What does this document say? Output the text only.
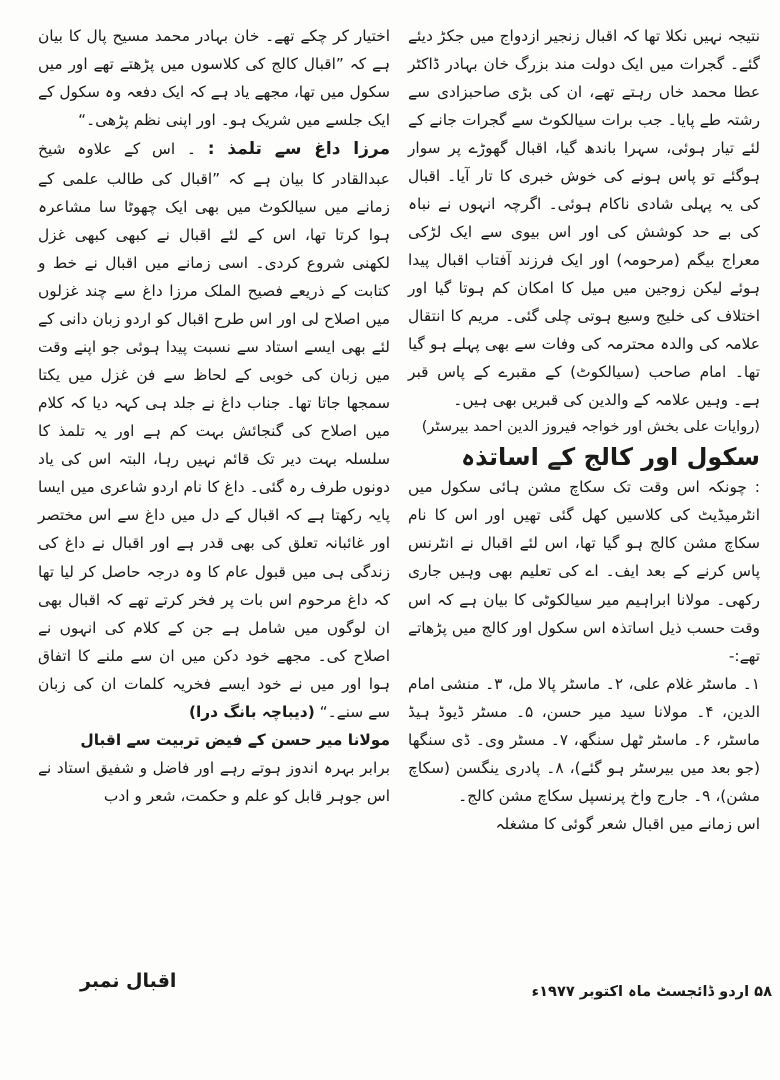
نتیجہ نہیں نکلا تھا کہ اقبال زنجیر ازدواج میں جکڑ دیئے گئے۔ گجرات میں ایک دولت مند بزرگ خان بہادر ڈاکٹر عطا محمد خاں رہتے تھے، ان کی بڑی صاحبزادی سے رشتہ طے پایا۔ جب برات سیالکوٹ سے گجرات جانے کے لئے تیار ہوئی، سہرا باندھ گیا، اقبال گھوڑے پر سوار ہوگئے تو پاس ہونے کی خوش خبری کا تار آیا۔ اقبال کی یہ پہلی شادی ناکام ہوئی۔ اگرچہ انہوں نے نباہ کی بے حد کوشش کی اور اس بیوی سے ایک لڑکی معراج بیگم (مرحومہ) اور ایک فرزند آفتاب اقبال پیدا ہوئے لیکن زوجین میں میل کا امکان کم ہوتا گیا اور اختلاف کی خلیج وسیع ہوتی چلی گئی۔ مریم کا انتقال علامہ کی والدہ محترمہ کی وفات سے بھی پہلے ہو گیا تھا۔ امام صاحب (سیالکوٹ) کے مقبرے کے پاس قبر ہے۔ وہیں علامہ کے والدین کی قبریں بھی ہیں۔

(روایات علی بخش اور خواجہ فیروز الدین احمد بیرسٹر)

سکول اور کالج کے اساتذہ

: چونکہ اس وقت تک سکاچ مشن ہائی سکول میں انٹرمیڈیٹ کی کلاسیں کھل گئی تھیں اور اس کا نام سکاچ مشن کالج ہو گیا تھا، اس لئے اقبال نے انٹرنس پاس کرنے کے بعد ایف۔ اے کی تعلیم بھی وہیں جاری رکھی۔ مولانا ابراہیم میر سیالکوٹی کا بیان ہے کہ اس وقت حسب ذیل اساتذہ اس سکول اور کالج میں پڑھاتے تھے:-

۱۔ ماسٹر غلام علی، ۲۔ ماسٹر پالا مل، ۳۔ منشی امام الدین، ۴۔ مولانا سید میر حسن، ۵۔ مسٹر ڈیوڈ ہیڈ ماسٹر، ۶۔ ماسٹر ٹھل سنگھ، ۷۔ مسٹر وی۔ ڈی سنگھا (جو بعد میں بیرسٹر ہو گئے)، ۸۔ پادری ینگسن (سکاچ مشن)، ۹۔ جارج واخ پرنسپل سکاچ مشن کالج۔

اس زمانے میں اقبال شعر گوئی کا مشغلہ

اختیار کر چکے تھے۔ خان بہادر محمد مسیح پال کا بیان ہے کہ ”اقبال کالج کی کلاسوں میں پڑھتے تھے اور میں سکول میں تھا، مجھے یاد ہے کہ ایک دفعہ وہ سکول کے ایک جلسے میں شریک ہو۔ اور اپنی نظم پڑھی۔“

مرزا داغ سے تلمذ : ۔ اس کے علاوہ شیخ عبدالقادر کا بیان ہے کہ ”اقبال کی طالب علمی کے زمانے میں سیالکوٹ میں بھی ایک چھوٹا سا مشاعرہ ہوا کرتا تھا، اس کے لئے اقبال نے کبھی کبھی غزل لکھنی شروع کردی۔ اسی زمانے میں اقبال نے خط و کتابت کے ذریعے فصیح الملک مرزا داغ سے چند غزلوں میں اصلاح لی اور اس طرح اقبال کو اردو زبان دانی کے لئے بھی ایسے استاد سے نسبت پیدا ہوئی جو اپنے وقت میں زبان کی خوبی کے لحاظ سے فن غزل میں یکتا سمجھا جاتا تھا۔ جناب داغ نے جلد ہی کہہ دیا کہ کلام میں اصلاح کی گنجائش بہت کم ہے اور یہ تلمذ کا سلسلہ بہت دیر تک قائم نہیں رہا، البتہ اس کی یاد دونوں طرف رہ گئی۔ داغ کا نام اردو شاعری میں ایسا پایہ رکھتا ہے کہ اقبال کے دل میں داغ سے اس مختصر اور غائبانہ تعلق کی بھی قدر ہے اور اقبال نے داغ کی زندگی ہی میں قبول عام کا وہ درجہ حاصل کر لیا تھا کہ داغ مرحوم اس بات پر فخر کرتے تھے کہ اقبال بھی ان لوگوں میں شامل ہے جن کے کلام کی انہوں نے اصلاح کی۔ مجھے خود دکن میں ان سے ملنے کا اتفاق ہوا اور میں نے خود ایسے فخریہ کلمات ان کی زبان سے سنے۔“ (دیباچہ بانگ درا)

مولانا میر حسن کے فیض تربیت سے اقبال

برابر بہرہ اندوز ہوتے رہے اور فاضل و شفیق استاد نے اس جوہر قابل کو علم و حکمت، شعر و ادب

۵۸ اردو ڈائجسٹ ماہ اکتوبر ۱۹۷۷ء
اقبال نمبر
